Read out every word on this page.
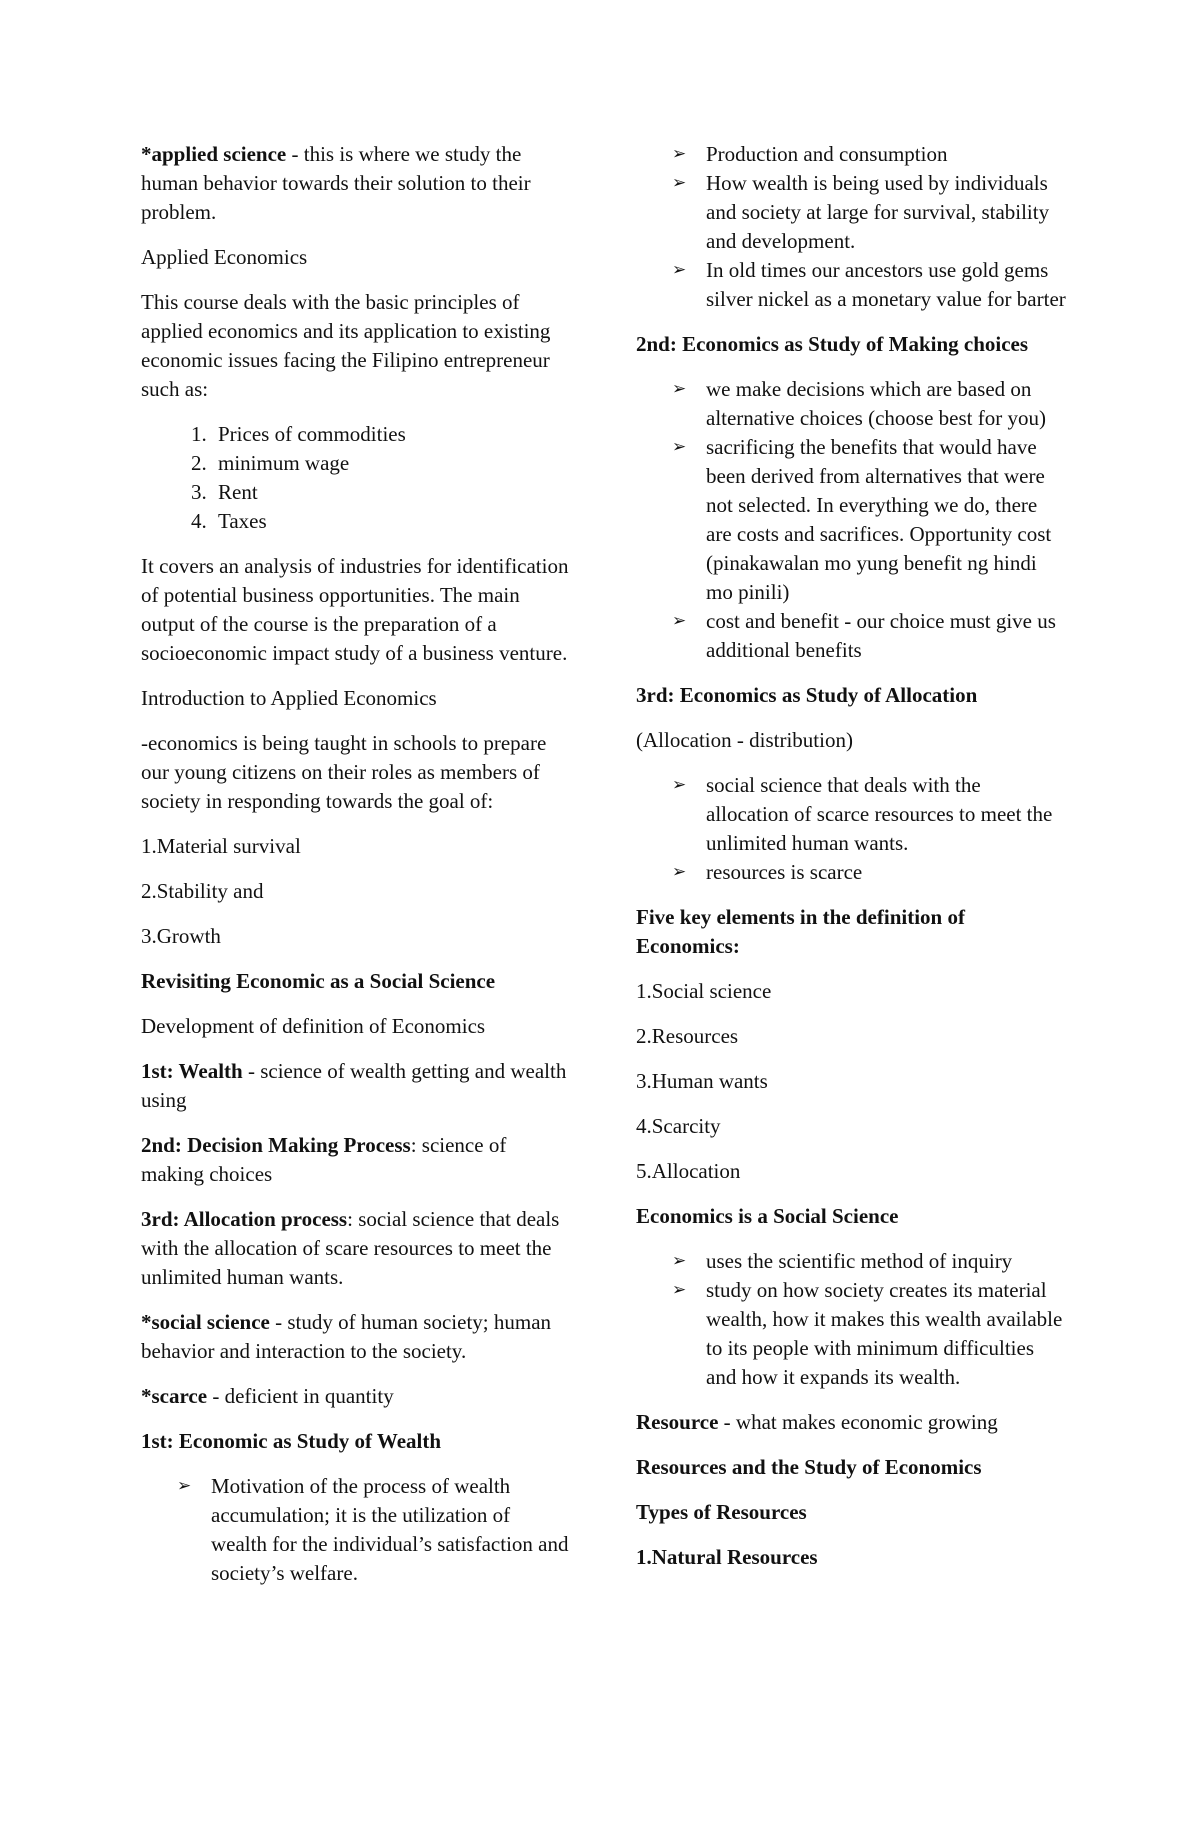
*applied science - this is where we study the human behavior towards their solution to their problem.

Applied Economics

This course deals with the basic principles of applied economics and its application to existing economic issues facing the Filipino entrepreneur such as:

1. Prices of commodities
2. minimum wage
3. Rent
4. Taxes

It covers an analysis of industries for identification of potential business opportunities. The main output of the course is the preparation of a socioeconomic impact study of a business venture.

Introduction to Applied Economics

-economics is being taught in schools to prepare our young citizens on their roles as members of society in responding towards the goal of:

1.Material survival

2.Stability and

3.Growth

Revisiting Economic as a Social Science

Development of definition of Economics

1st: Wealth - science of wealth getting and wealth using

2nd: Decision Making Process: science of making choices

3rd: Allocation process: social science that deals with the allocation of scare resources to meet the unlimited human wants.

*social science - study of human society; human behavior and interaction to the society.

*scarce - deficient in quantity

1st: Economic as Study of Wealth

➢ Motivation of the process of wealth accumulation; it is the utilization of wealth for the individual’s satisfaction and society’s welfare.
➢ Production and consumption
➢ How wealth is being used by individuals and society at large for survival, stability and development.
➢ In old times our ancestors use gold gems silver nickel as a monetary value for barter

2nd: Economics as Study of Making choices

➢ we make decisions which are based on alternative choices (choose best for you)
➢ sacrificing the benefits that would have been derived from alternatives that were not selected. In everything we do, there are costs and sacrifices. Opportunity cost (pinakawalan mo yung benefit ng hindi mo pinili)
➢ cost and benefit - our choice must give us additional benefits

3rd: Economics as Study of Allocation

(Allocation - distribution)

➢ social science that deals with the allocation of scarce resources to meet the unlimited human wants.
➢ resources is scarce

Five key elements in the definition of Economics:

1.Social science

2.Resources

3.Human wants

4.Scarcity

5.Allocation

Economics is a Social Science

➢ uses the scientific method of inquiry
➢ study on how society creates its material wealth, how it makes this wealth available to its people with minimum difficulties and how it expands its wealth.

Resource - what makes economic growing

Resources and the Study of Economics

Types of Resources

1.Natural Resources
